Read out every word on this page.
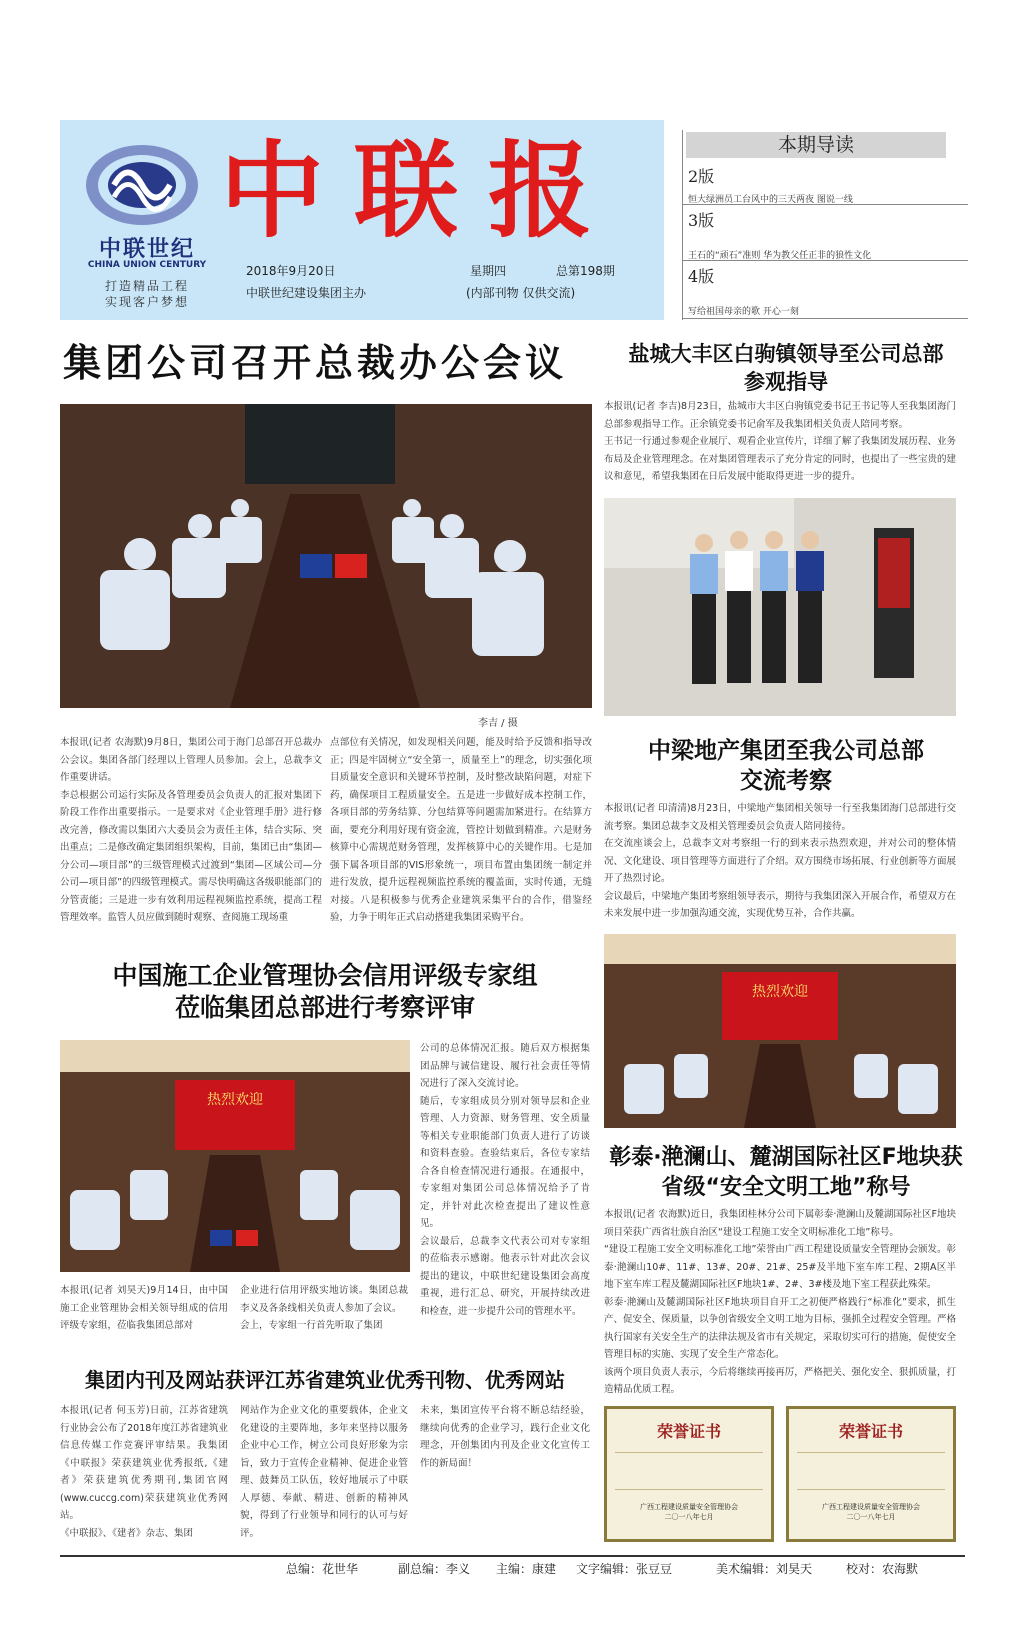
中联世纪
CHINA UNION CENTURY
打造精品工程
实现客户梦想
中联报
2018年9月20日	星期四	总第198期
中联世纪建设集团主办	(内部刊物 仅供交流)
本期导读
2版
恒大绿洲员工台风中的三天两夜 图说一线
3版
王石的“顽石”准则 华为教父任正非的狼性文化
4版
写给祖国母亲的歌 开心一刻
集团公司召开总裁办公会议
李吉 / 摄
本报讯(记者 农海默)9月8日，集团公司于海门总部召开总裁办公会议。集团各部门经理以上管理人员参加。会上，总裁李文作重要讲话。
李总根据公司运行实际及各管理委员会负责人的汇报对集团下阶段工作作出重要指示。一是要求对《企业管理手册》进行修改完善，修改需以集团六大委员会为责任主体，结合实际、突出重点；二是修改确定集团组织架构，目前，集团已由“集团—分公司—项目部”的三级管理模式过渡到“集团—区域公司—分公司—项目部”的四级管理模式。需尽快明确这各级职能部门的分管责能；三是进一步有效利用远程视频监控系统，提高工程管理效率。监管人员应做到随时观察、查阅施工现场重
点部位有关情况，如发现相关问题，能及时给予反馈和指导改正；四是牢固树立“安全第一，质量至上”的理念，切实强化项目质量安全意识和关键环节控制，及时整改缺陷问题，对症下药，确保项目工程质量安全。五是进一步做好成本控制工作，各项目部的劳务结算、分包结算等问题需加紧进行。在结算方面，要充分利用好现有资金流，管控计划做到精准。六是财务核算中心需规范财务管理，发挥核算中心的关键作用。七是加强下属各项目部的VIS形象统一，项目布置由集团统一制定并进行发放，提升远程视频监控系统的覆盖面，实时传通，无缝对接。八是积极参与优秀企业建筑采集平台的合作，借鉴经验，力争于明年正式启动搭建我集团采购平台。
盐城大丰区白驹镇领导至公司总部
参观指导
本报讯(记者 李吉)8月23日，盐城市大丰区白驹镇党委书记王书记等人至我集团海门总部参观指导工作。正余镇党委书记俞军及我集团相关负责人陪同考察。
王书记一行通过参观企业展厅、观看企业宣传片，详细了解了我集团发展历程、业务布局及企业管理理念。在对集团管理表示了充分肯定的同时，也提出了一些宝贵的建议和意见，希望我集团在日后发展中能取得更进一步的提升。
中梁地产集团至我公司总部
交流考察
本报讯(记者 印清清)8月23日，中梁地产集团相关领导一行至我集团海门总部进行交流考察。集团总裁李文及相关管理委员会负责人陪同接待。
在交流座谈会上，总裁李文对考察组一行的到来表示热烈欢迎，并对公司的整体情况、文化建设、项目管理等方面进行了介绍。双方围绕市场拓展、行业创新等方面展开了热烈讨论。
会议最后，中梁地产集团考察组领导表示，期待与我集团深入开展合作，希望双方在未来发展中进一步加强沟通交流，实现优势互补，合作共赢。
热烈欢迎
中国施工企业管理协会信用评级专家组
莅临集团总部进行考察评审
热烈欢迎
本报讯(记者 刘昊天)9月14日，由中国施工企业管理协会相关领导组成的信用评级专家组，莅临我集团总部对
企业进行信用评级实地访谈。集团总裁李义及各条线相关负责人参加了会议。
会上，专家组一行首先听取了集团
公司的总体情况汇报。随后双方根据集团品牌与诚信建设、履行社会责任等情况进行了深入交流讨论。
随后，专家组成员分别对领导层和企业管理、人力资源、财务管理、安全质量等相关专业职能部门负责人进行了访谈和资料查验。查验结束后，各位专家结合各自检查情况进行通报。在通报中，专家组对集团公司总体情况给予了肯定，并针对此次检查提出了建议性意见。
会议最后，总裁李文代表公司对专家组的莅临表示感谢。他表示针对此次会议提出的建议，中联世纪建设集团会高度重视，进行汇总、研究，开展持续改进和检查，进一步提升公司的管理水平。
彰泰·滟澜山、麓湖国际社区F地块获
省级“安全文明工地”称号
本报讯(记者 农海默)近日，我集团桂林分公司下属彰泰·滟澜山及麓湖国际社区F地块项目荣获广西省壮族自治区“建设工程施工安全文明标准化工地”称号。
“建设工程施工安全文明标准化工地”荣誉由广西工程建设质量安全管理协会颁发。彰泰·滟澜山10#、11#、13#、20#、21#、25#及半地下室车库工程、2期A区半地下室车库工程及麓湖国际社区F地块1#、2#、3#楼及地下室工程获此殊荣。
彰泰·滟澜山及麓湖国际社区F地块项目自开工之初便严格践行“标准化”要求，抓生产、促安全、保质量，以争创省级安全文明工地为目标，强抓全过程安全管理。严格执行国家有关安全生产的法律法规及省市有关规定，采取切实可行的措施，促使安全管理目标的实施、实现了安全生产常态化。
该两个项目负责人表示，今后将继续再接再厉，严格把关、强化安全、狠抓质量，打造精品优质工程。
荣誉证书
广西工程建设质量安全管理协会
二〇一八年七月
荣誉证书
广西工程建设质量安全管理协会
二〇一八年七月
集团内刊及网站获评江苏省建筑业优秀刊物、优秀网站
本报讯(记者 何玉芳)日前，江苏省建筑行业协会公布了2018年度江苏省建筑业信息传媒工作竞赛评审结果。我集团《中联报》荣获建筑业优秀报纸,《建者》荣获建筑优秀期刊,集团官网(www.cuccg.com)荣获建筑业优秀网站。
《中联报》、《建者》杂志、集团
网站作为企业文化的重要载体，企业文化建设的主要阵地，多年来坚持以服务企业中心工作，树立公司良好形象为宗旨，致力于宣传企业精神、促进企业管理、鼓舞员工队伍，较好地展示了中联人厚德、奉献、精进、创新的精神风貌，得到了行业领导和同行的认可与好评。
未来，集团宣传平台将不断总结经验，继续向优秀的企业学习，践行企业文化理念，开创集团内刊及企业文化宣传工作的新局面！
总编：花世华	副总编：李义 主编：康建 文字编辑：张豆豆	美术编辑：刘昊天	校对：农海默
